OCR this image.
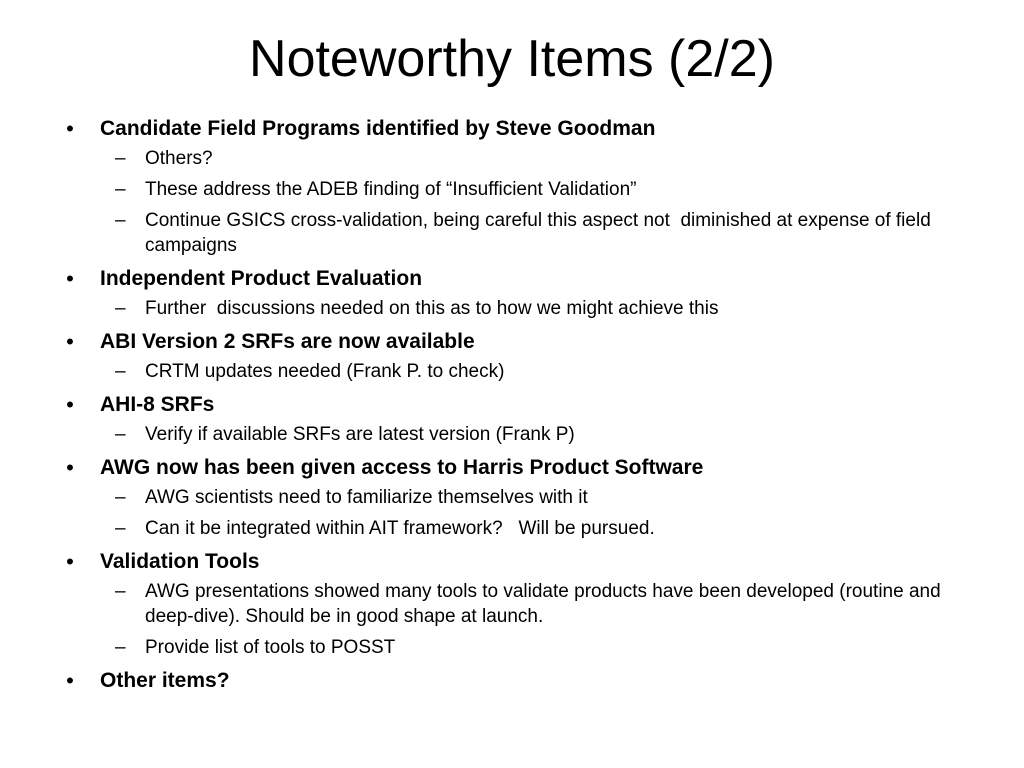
Noteworthy Items (2/2)
• Candidate Field Programs identified by Steve Goodman
– Others?
– These address the ADEB finding of “Insufficient Validation”
– Continue GSICS cross-validation, being careful this aspect not  diminished at expense of field campaigns
• Independent Product Evaluation
– Further  discussions needed on this as to how we might achieve this
• ABI Version 2 SRFs are now available
– CRTM updates needed (Frank P. to check)
• AHI-8 SRFs
– Verify if available SRFs are latest version (Frank P)
• AWG now has been given access to Harris Product Software
– AWG scientists need to familiarize themselves with it
– Can it be integrated within AIT framework?   Will be pursued.
• Validation Tools
– AWG presentations showed many tools to validate products have been developed (routine and deep-dive). Should be in good shape at launch.
– Provide list of tools to POSST
• Other items?
